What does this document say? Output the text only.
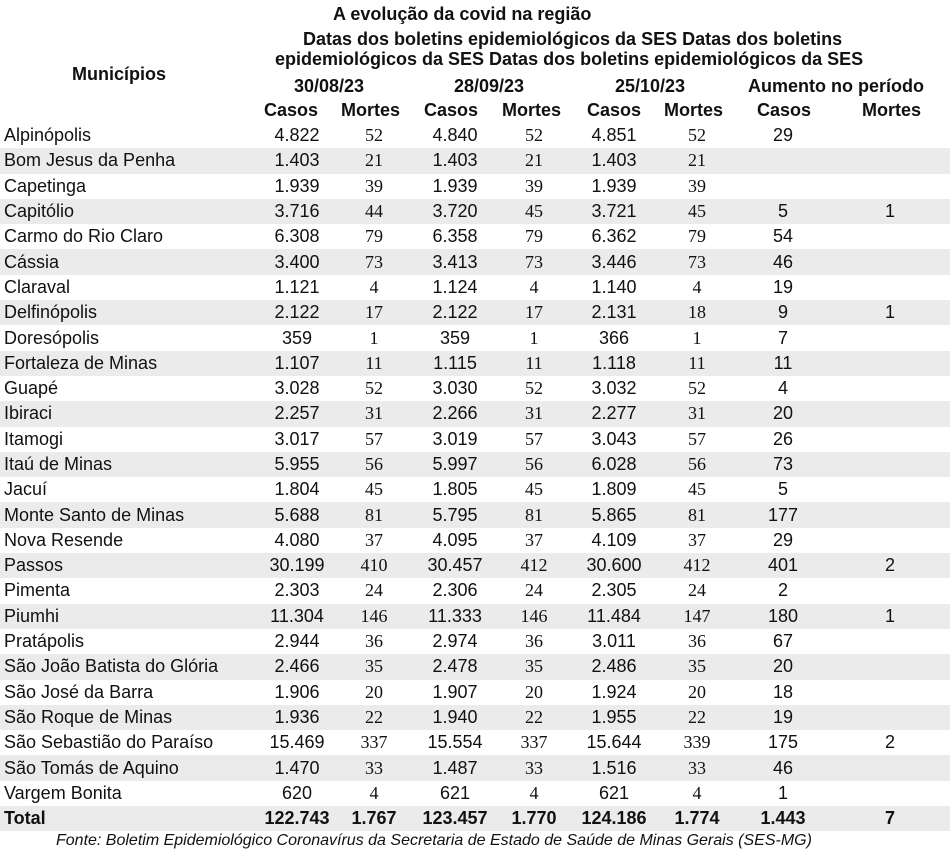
A evolução da covid na região
Datas dos boletins epidemiológicos da SES Datas dos boletins
epidemiológicos da SES Datas dos boletins epidemiológicos da SES
Municípios
30/08/23	28/09/23	25/10/23	Aumento no período
Casos Mortes Casos Mortes Casos Mortes Casos	Mortes
Alpinópolis	4.822	52	4.840	52	4.851	52	29	
Bom Jesus da Penha	1.403	21	1.403	21	1.403	21		
Capetinga	1.939	39	1.939	39	1.939	39		
Capitólio	3.716	44	3.720	45	3.721	45	5	1
Carmo do Rio Claro	6.308	79	6.358	79	6.362	79	54	
Cássia	3.400	73	3.413	73	3.446	73	46	
Claraval	1.121	4	1.124	4	1.140	4	19	
Delfinópolis	2.122	17	2.122	17	2.131	18	9	1
Doresópolis	359	1	359	1	366	1	7	
Fortaleza de Minas	1.107	11	1.115	11	1.118	11	11	
Guapé	3.028	52	3.030	52	3.032	52	4	
Ibiraci	2.257	31	2.266	31	2.277	31	20	
Itamogi	3.017	57	3.019	57	3.043	57	26	
Itaú de Minas	5.955	56	5.997	56	6.028	56	73	
Jacuí	1.804	45	1.805	45	1.809	45	5	
Monte Santo de Minas	5.688	81	5.795	81	5.865	81	177	
Nova Resende	4.080	37	4.095	37	4.109	37	29	
Passos	30.199	410	30.457	412	30.600	412	401	2
Pimenta	2.303	24	2.306	24	2.305	24	2	
Piumhi	11.304	146	11.333	146	11.484	147	180	1
Pratápolis	2.944	36	2.974	36	3.011	36	67	
São João Batista do Glória	2.466	35	2.478	35	2.486	35	20	
São José da Barra	1.906	20	1.907	20	1.924	20	18	
São Roque de Minas	1.936	22	1.940	22	1.955	22	19	
São Sebastião do Paraíso	15.469	337	15.554	337	15.644	339	175	2
São Tomás de Aquino	1.470	33	1.487	33	1.516	33	46	
Vargem Bonita	620	4	621	4	621	4	1	
Total	122.743	1.767	123.457	1.770	124.186	1.774	1.443	7
Fonte: Boletim Epidemiológico Coronavírus da Secretaria de Estado de Saúde de Minas Gerais (SES-MG)
